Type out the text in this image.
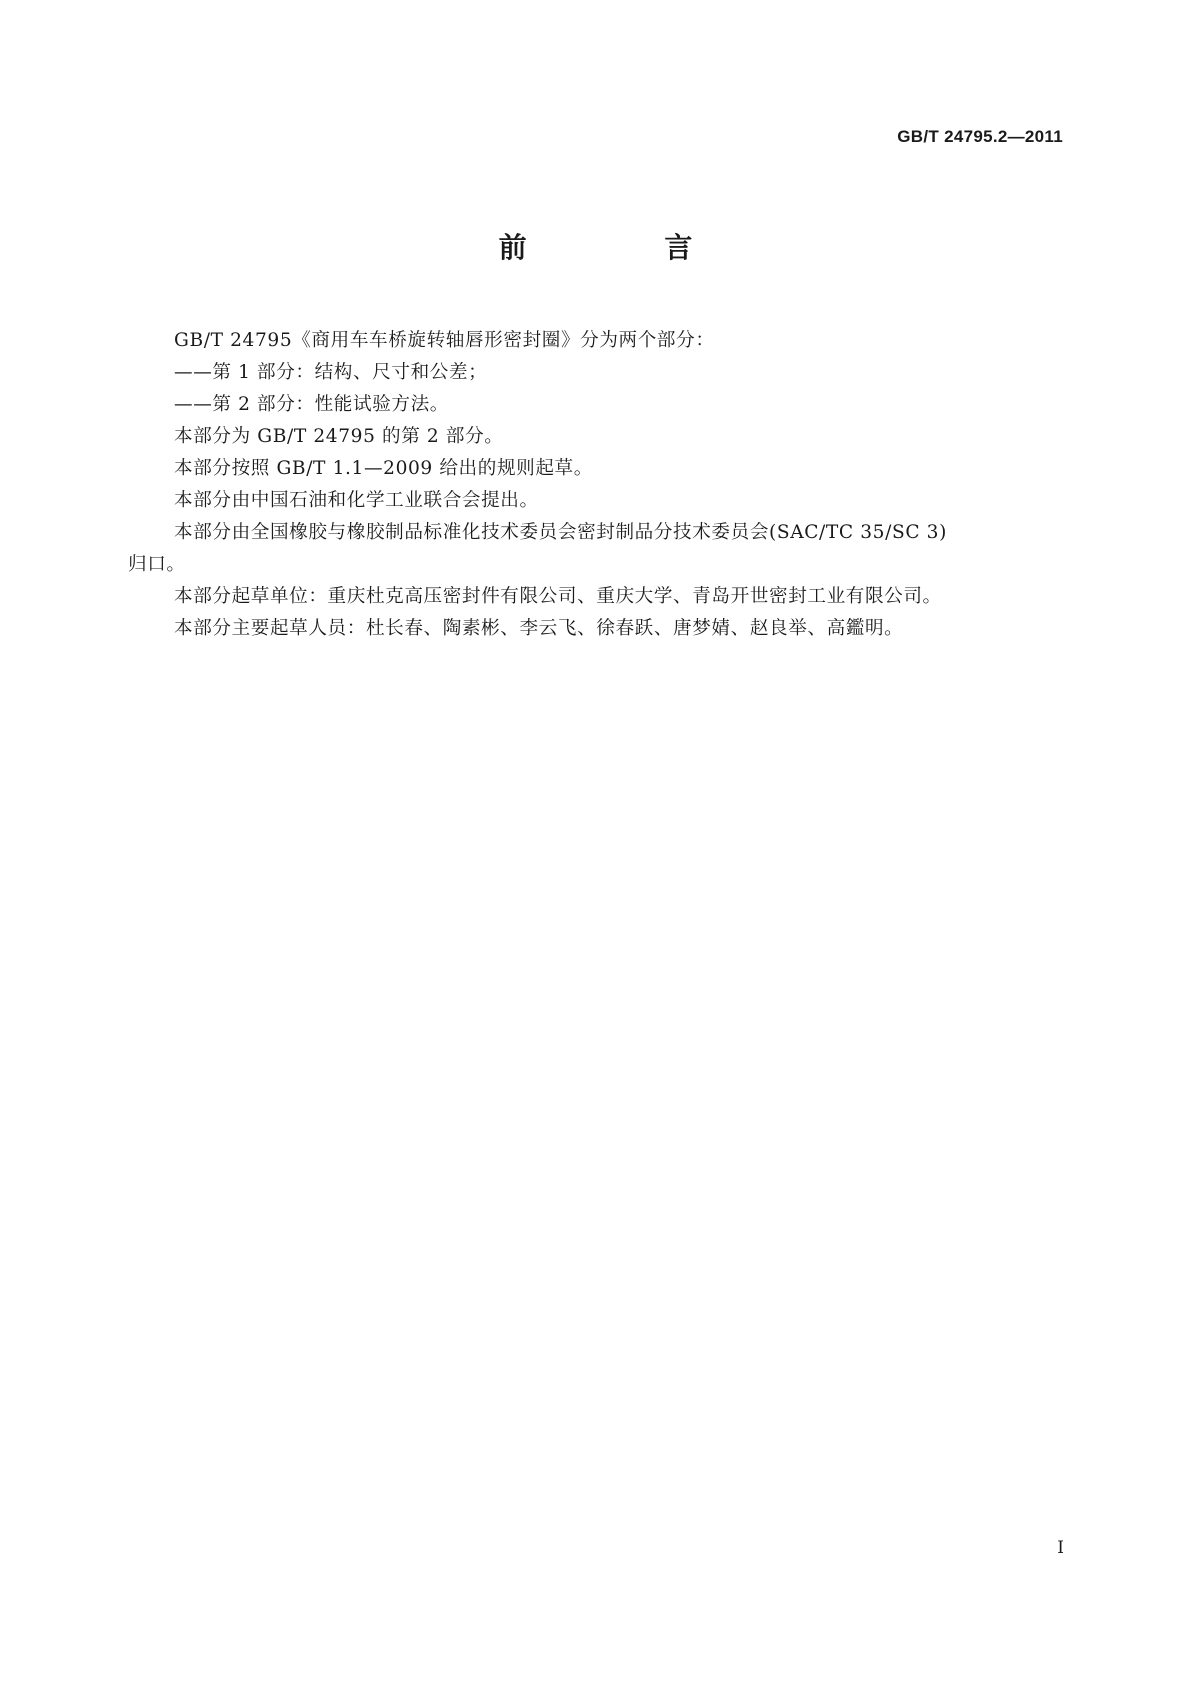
GB/T 24795.2—2011
前 言

GB/T 24795《商用车车桥旋转轴唇形密封圈》分为两个部分：

——第 1 部分：结构、尺寸和公差；

——第 2 部分：性能试验方法。

本部分为 GB/T 24795 的第 2 部分。

本部分按照 GB/T 1.1—2009 给出的规则起草。

本部分由中国石油和化学工业联合会提出。

本部分由全国橡胶与橡胶制品标准化技术委员会密封制品分技术委员会(SAC/TC 35/SC 3)

归口。

本部分起草单位：重庆杜克高压密封件有限公司、重庆大学、青岛开世密封工业有限公司。

本部分主要起草人员：杜长春、陶素彬、李云飞、徐春跃、唐梦婧、赵良举、高鑑明。

Ⅰ
